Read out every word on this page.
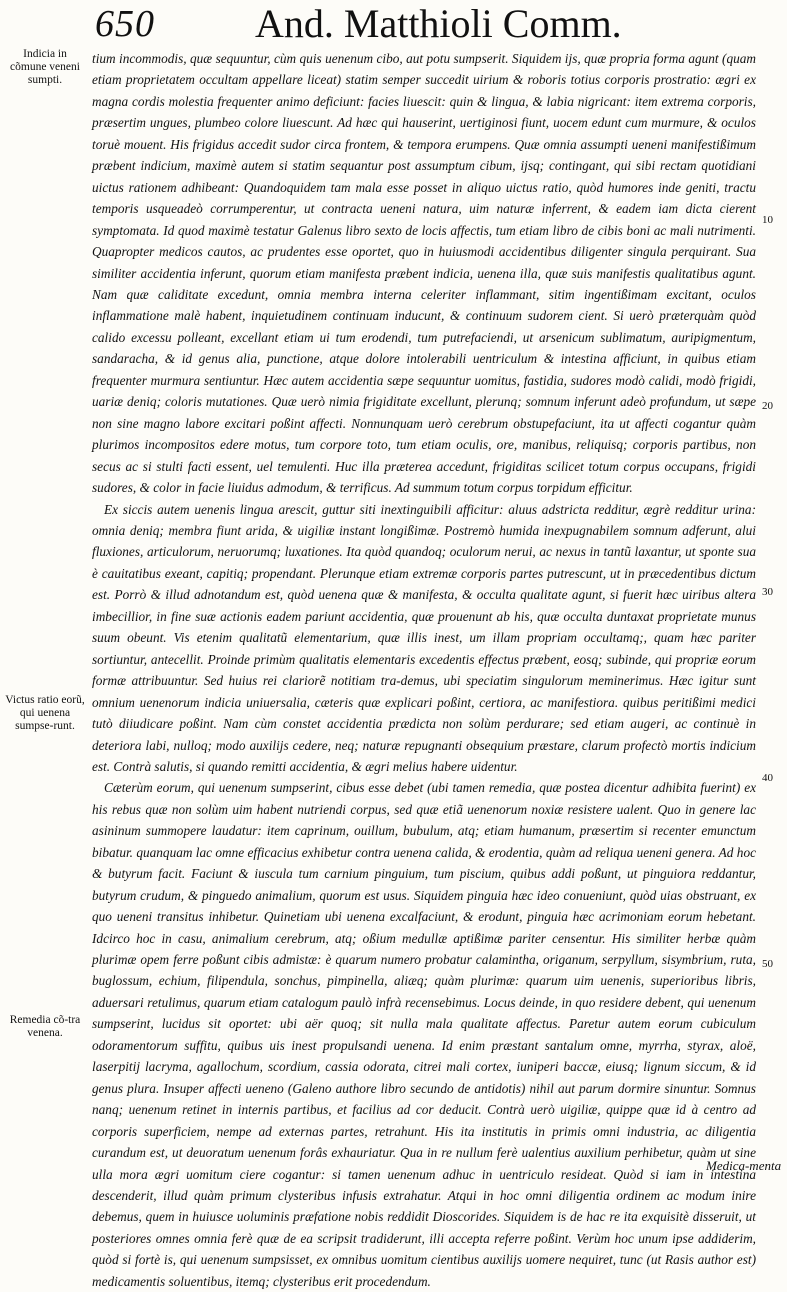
650	And. Matthioli Comm.
Indicia in cõmune veneni sumpti.
Victus ratio eorũ, qui uenena sumpse-runt.
Remedia cõ-tra venena.
10
20
30
40
50

tium incommodis, quæ sequuntur, cùm quis uenenum cibo, aut potu sumpserit. Siquidem ijs, quæ propria forma agunt (quam etiam proprietatem occultam appellare liceat) statim semper succedit uirium & roboris totius corporis prostratio: ægri ex magna cordis molestia frequenter animo deficiunt: facies liuescit: quin & lingua, & labia nigricant: item extrema corporis, præsertim ungues, plumbeo colore liuescunt. Ad hæc qui hauserint, uertiginosi fiunt, uocem edunt cum murmure, & oculos toruè mouent. His frigidus accedit sudor circa frontem, & tempora erumpens. Quæ omnia assumpti ueneni manifestißimum præbent indicium, maximè autem si statim sequantur post assumptum cibum, ijsq; contingant, qui sibi rectam quotidiani uictus rationem adhibeant: Quandoquidem tam mala esse posset in aliquo uictus ratio, quòd humores inde geniti, tractu temporis usqueadeò corrumperentur, ut contracta ueneni natura, uim naturæ inferrent, & eadem iam dicta cierent symptomata. Id quod maximè testatur Galenus libro sexto de locis affectis, tum etiam libro de cibis boni ac mali nutrimenti. Quapropter medicos cautos, ac prudentes esse oportet, quo in huiusmodi accidentibus diligenter singula perquirant. Sua similiter accidentia inferunt, quorum etiam manifesta præbent indicia, uenena illa, quæ suis manifestis qualitatibus agunt. Nam quæ caliditate excedunt, omnia membra interna celeriter inflammant, sitim ingentißimam excitant, oculos inflammatione malè habent, inquietudinem continuam inducunt, & continuum sudorem cient. Si uerò præterquàm quòd calido excessu polleant, excellant etiam ui tum erodendi, tum putrefaciendi, ut arsenicum sublimatum, auripigmentum, sandaracha, & id genus alia, punctione, atque dolore intolerabili uentriculum & intestina afficiunt, in quibus etiam frequenter murmura sentiuntur. Hæc autem accidentia sæpe sequuntur uomitus, fastidia, sudores modò calidi, modò frigidi, uariæ deniq; coloris mutationes. Quæ uerò nimia frigiditate excellunt, plerunq; somnum inferunt adeò profundum, ut sæpe non sine magno labore excitari poßint affecti. Nonnunquam uerò cerebrum obstupefaciunt, ita ut affecti cogantur quàm plurimos incompositos edere motus, tum corpore toto, tum etiam oculis, ore, manibus, reliquisq; corporis partibus, non secus ac si stulti facti essent, uel temulenti. Huc illa præterea accedunt, frigiditas scilicet totum corpus occupans, frigidi sudores, & color in facie liuidus admodum, & terrificus. Ad summum totum corpus torpidum efficitur.

Ex siccis autem uenenis lingua arescit, guttur siti inextinguibili afficitur: aluus adstricta redditur, ægrè redditur urina: omnia deniq; membra fiunt arida, & uigiliæ instant longißimæ. Postremò humida inexpugnabilem somnum adferunt, alui fluxiones, articulorum, neruorumq; luxationes. Ita quòd quandoq; oculorum nerui, ac nexus in tantũ laxantur, ut sponte sua è cauitatibus exeant, capitiq; propendant. Plerunque etiam extremæ corporis partes putrescunt, ut in præcedentibus dictum est. Porrò & illud adnotandum est, quòd uenena quæ & manifesta, & occulta qualitate agunt, si fuerit hæc uiribus altera imbecillior, in fine suæ actionis eadem pariunt accidentia, quæ prouenunt ab his, quæ occulta duntaxat proprietate munus suum obeunt. Vis etenim qualitatũ elementarium, quæ illis inest, um illam propriam occultamq;, quam hæc pariter sortiuntur, antecellit. Proinde primùm qualitatis elementaris excedentis effectus præbent, eosq; subinde, qui propriæ eorum formæ attribuuntur. Sed huius rei clariorẽ notitiam tra-demus, ubi speciatim singulorum meminerimus. Hæc igitur sunt omnium uenenorum indicia uniuersalia, cæteris quæ explicari poßint, certiora, ac manifestiora. quibus peritißimi medici tutò diiudicare poßint. Nam cùm constet accidentia prædicta non solùm perdurare; sed etiam augeri, ac continuè in deteriora labi, nulloq; modo auxilijs cedere, neq; naturæ repugnanti obsequium præstare, clarum profectò mortis indicium est. Contrà salutis, si quando remitti accidentia, & ægri melius habere uidentur.

Cæterùm eorum, qui uenenum sumpserint, cibus esse debet (ubi tamen remedia, quæ postea dicentur adhibita fuerint) ex his rebus quæ non solùm uim habent nutriendi corpus, sed quæ etiã uenenorum noxiæ resistere ualent. Quo in genere lac asininum summopere laudatur: item caprinum, ouillum, bubulum, atq; etiam humanum, præsertim si recenter emunctum bibatur. quanquam lac omne efficacius exhibetur contra uenena calida, & erodentia, quàm ad reliqua ueneni genera. Ad hoc & butyrum facit. Faciunt & iuscula tum carnium pinguium, tum piscium, quibus addi poßunt, ut pinguiora reddantur, butyrum crudum, & pinguedo animalium, quorum est usus. Siquidem pinguia hæc ideo conueniunt, quòd uias obstruant, ex quo ueneni transitus inhibetur. Quinetiam ubi uenena excalfaciunt, & erodunt, pinguia hæc acrimoniam eorum hebetant. Idcirco hoc in casu, animalium cerebrum, atq; oßium medullæ aptißimæ pariter censentur. His similiter herbæ quàm plurimæ opem ferre poßunt cibis admistæ: è quarum numero probatur calamintha, origanum, serpyllum, sisymbrium, ruta, buglossum, echium, filipendula, sonchus, pimpinella, aliæq; quàm plurimæ: quarum uim uenenis, superioribus libris, aduersari retulimus, quarum etiam catalogum paulò infrà recensebimus. Locus deinde, in quo residere debent, qui uenenum sumpserint, lucidus sit oportet: ubi aër quoq; sit nulla mala qualitate affectus. Paretur autem eorum cubiculum odoramentorum suffitu, quibus uis inest propulsandi uenena. Id enim præstant santalum omne, myrrha, styrax, aloë, laserpitij lacryma, agallochum, scordium, cassia odorata, citrei mali cortex, iuniperi baccæ, eiusq; lignum siccum, & id genus plura. Insuper affecti ueneno (Galeno authore libro secundo de antidotis) nihil aut parum dormire sinuntur. Somnus nanq; uenenum retinet in internis partibus, et facilius ad cor deducit. Contrà uerò uigiliæ, quippe quæ id à centro ad corporis superficiem, nempe ad externas partes, retrahunt. His ita institutis in primis omni industria, ac diligentia curandum est, ut deuoratum uenenum forâs exhauriatur. Qua in re nullum ferè ualentius auxilium perhibetur, quàm ut sine ulla mora ægri uomitum ciere cogantur: si tamen uenenum adhuc in uentriculo resideat. Quòd si iam in intestina descenderit, illud quàm primum clysteribus infusis extrahatur. Atqui in hoc omni diligentia ordinem ac modum inire debemus, quem in huiusce uoluminis præfatione nobis reddidit Dioscorides. Siquidem is de hac re ita exquisitè disseruit, ut posteriores omnes omnia ferè quæ de ea scripsit tradiderunt, illi accepta referre poßint. Verùm hoc unum ipse addiderim, quòd si fortè is, qui uenenum sumpsisset, ex omnibus uomitum cientibus auxilijs uomere nequiret, tunc (ut Rasis author est) medicamentis soluentibus, itemq; clysteribus erit procedendum.

Medica-menta
